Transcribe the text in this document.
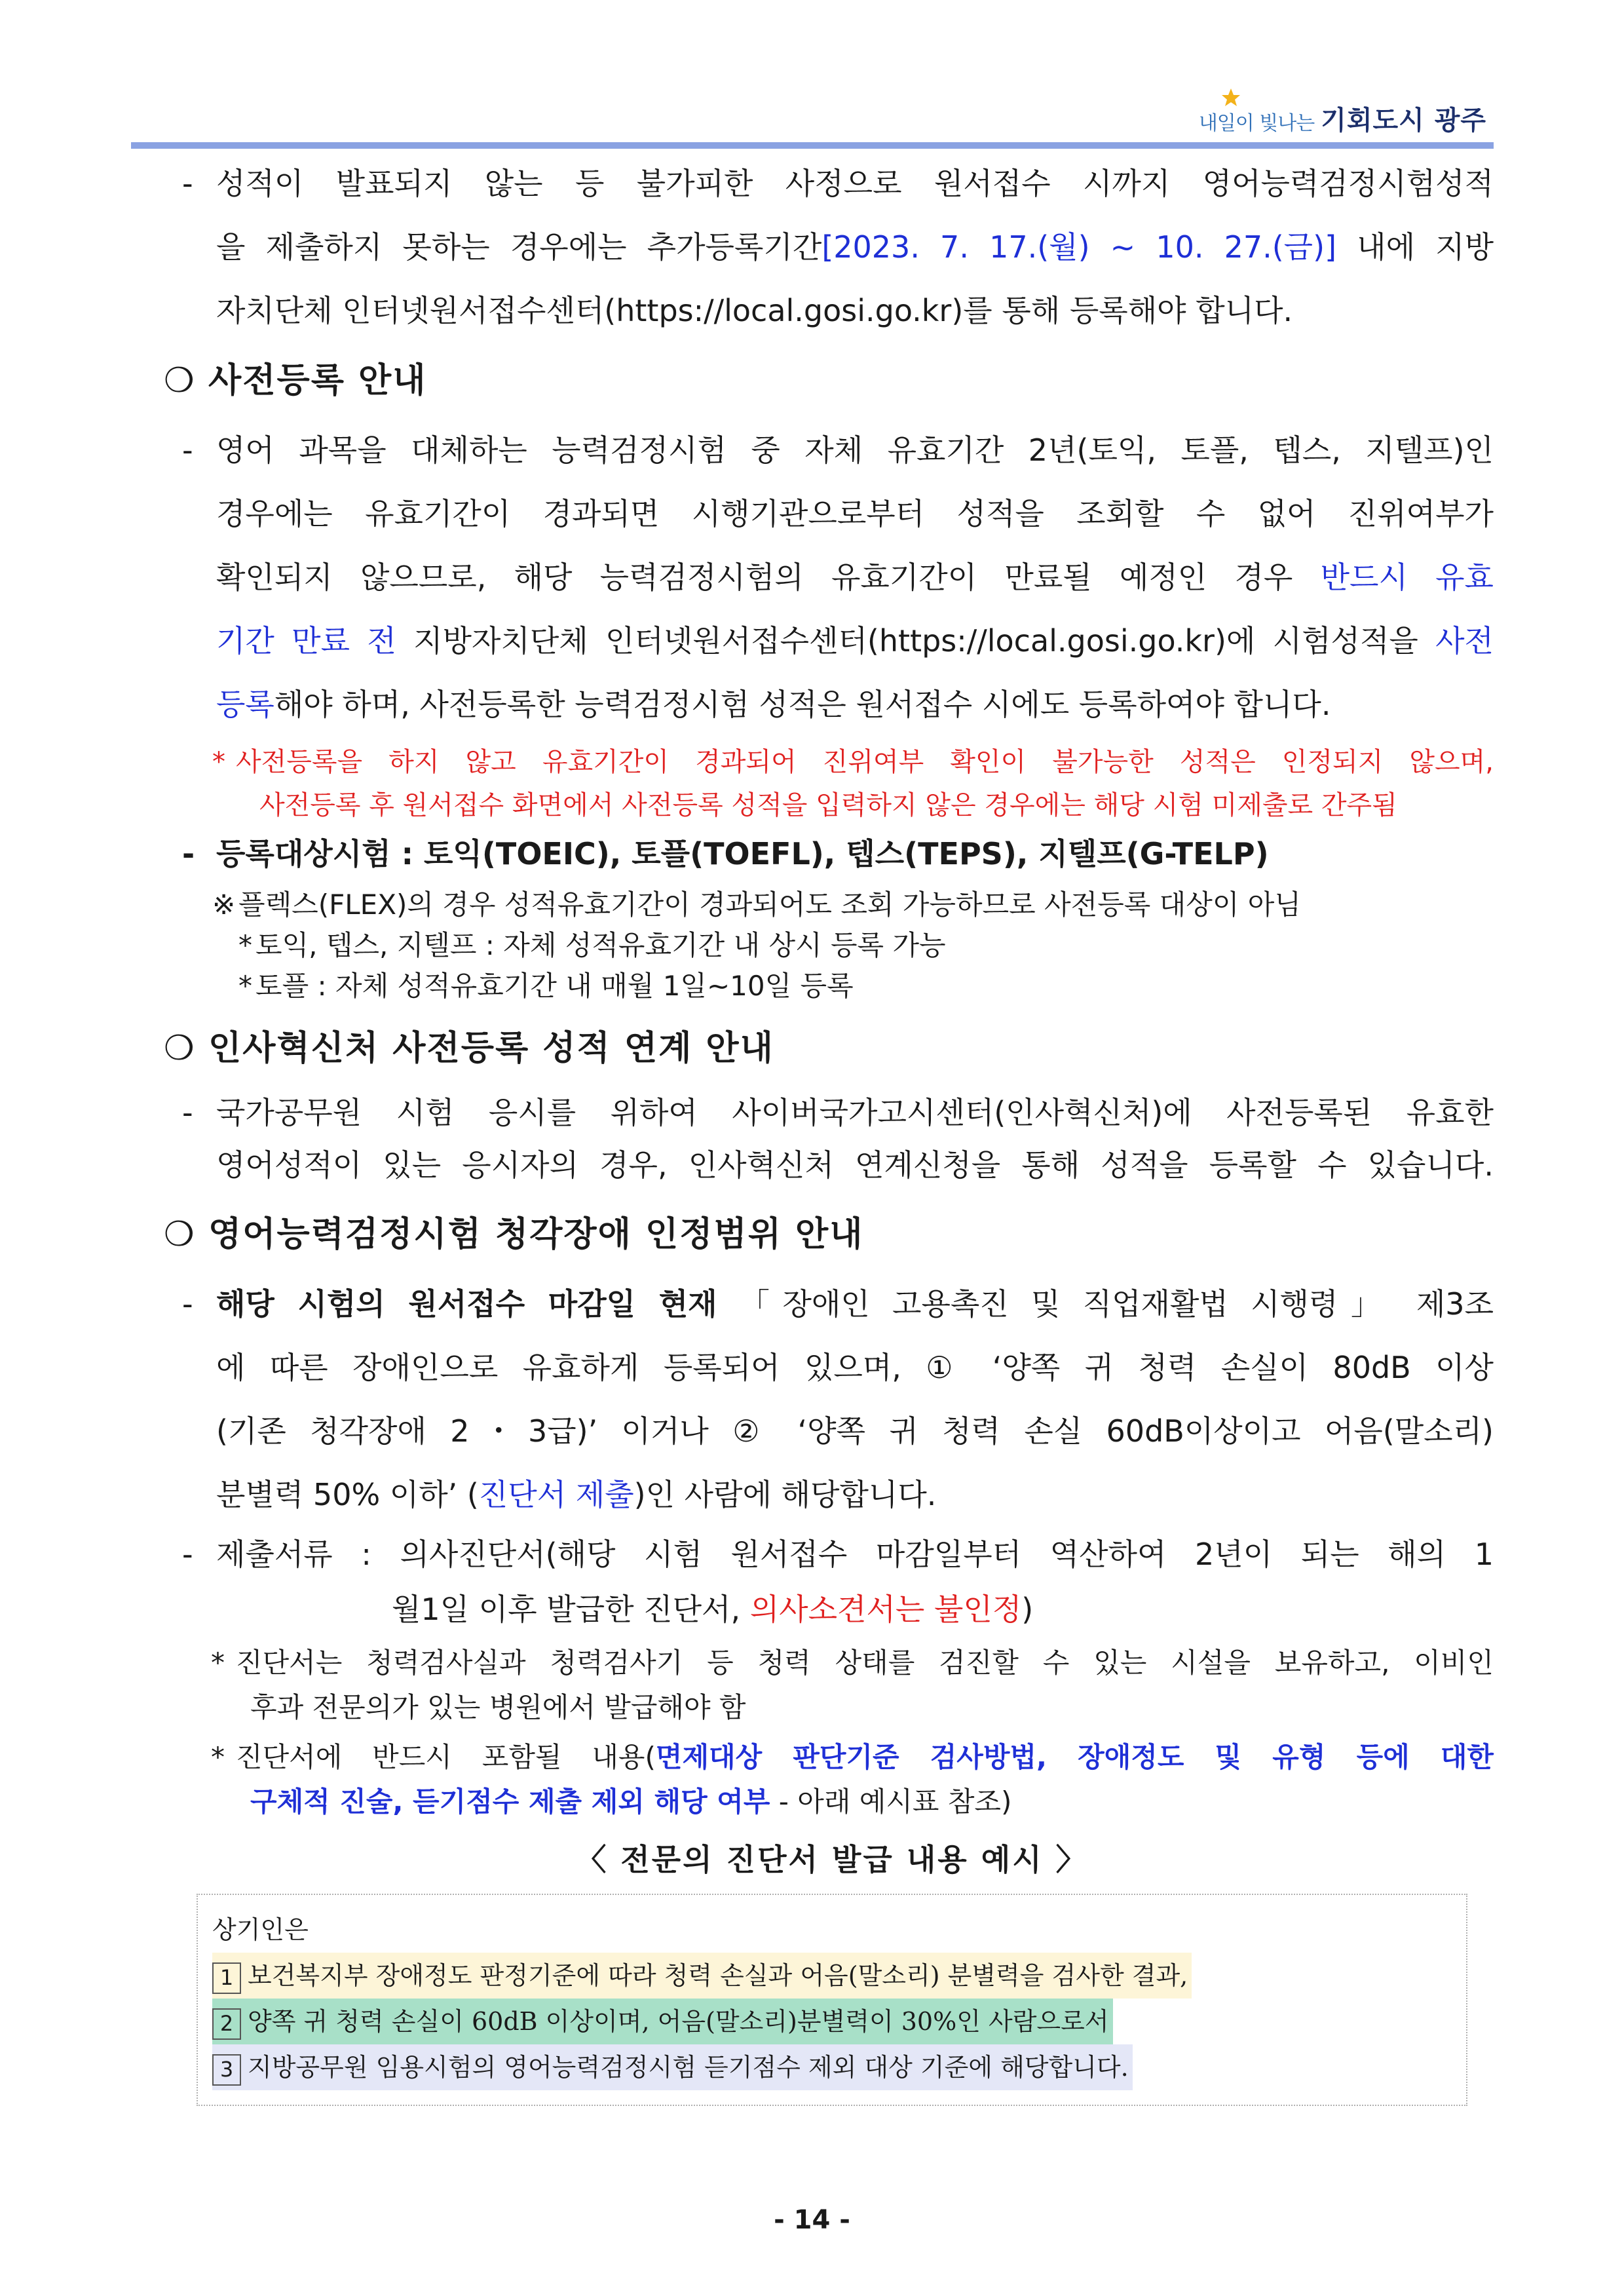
내일이 빛나는 기회도시 광주
- 성적이 발표되지 않는 등 불가피한 사정으로 원서접수 시까지 영어능력검정시험성적
을 제출하지 못하는 경우에는 추가등록기간[2023. 7. 17.(월) ~ 10. 27.(금)] 내에 지방
자치단체 인터넷원서접수센터(https://local.gosi.go.kr)를 통해 등록해야 합니다.
❍ 사전등록 안내
- 영어 과목을 대체하는 능력검정시험 중 자체 유효기간 2년(토익, 토플, 텝스, 지텔프)인
경우에는 유효기간이 경과되면 시행기관으로부터 성적을 조회할 수 없어 진위여부가
확인되지 않으므로, 해당 능력검정시험의 유효기간이 만료될 예정인 경우 반드시 유효
기간 만료 전 지방자치단체 인터넷원서접수센터(https://local.gosi.go.kr)에 시험성적을 사전
등록해야 하며, 사전등록한 능력검정시험 성적은 원서접수 시에도 등록하여야 합니다.
* 사전등록을 하지 않고 유효기간이 경과되어 진위여부 확인이 불가능한 성적은 인정되지 않으며,
사전등록 후 원서접수 화면에서 사전등록 성적을 입력하지 않은 경우에는 해당 시험 미제출로 간주됨
- 등록대상시험 : 토익(TOEIC), 토플(TOEFL), 텝스(TEPS), 지텔프(G-TELP)
※ 플렉스(FLEX)의 경우 성적유효기간이 경과되어도 조회 가능하므로 사전등록 대상이 아님
* 토익, 텝스, 지텔프 : 자체 성적유효기간 내 상시 등록 가능
* 토플 : 자체 성적유효기간 내 매월 1일~10일 등록
❍ 인사혁신처 사전등록 성적 연계 안내
- 국가공무원 시험 응시를 위하여 사이버국가고시센터(인사혁신처)에 사전등록된 유효한
영어성적이 있는 응시자의 경우, 인사혁신처 연계신청을 통해 성적을 등록할 수 있습니다.
❍ 영어능력검정시험 청각장애 인정범위 안내
- 해당 시험의 원서접수 마감일 현재 「장애인 고용촉진 및 직업재활법 시행령」 제3조
에 따른 장애인으로 유효하게 등록되어 있으며, ① ‘양쪽 귀 청력 손실이 80dB 이상
(기존 청각장애 2・3급)’ 이거나 ② ‘양쪽 귀 청력 손실 60dB이상이고 어음(말소리)
분별력 50% 이하’ (진단서 제출)인 사람에 해당합니다.
- 제출서류 : 의사진단서(해당 시험 원서접수 마감일부터 역산하여 2년이 되는 해의 1
월1일 이후 발급한 진단서, 의사소견서는 불인정)
* 진단서는 청력검사실과 청력검사기 등 청력 상태를 검진할 수 있는 시설을 보유하고, 이비인
후과 전문의가 있는 병원에서 발급해야 함
* 진단서에 반드시 포함될 내용(면제대상 판단기준 검사방법, 장애정도 및 유형 등에 대한
구체적 진술, 듣기점수 제출 제외 해당 여부 - 아래 예시표 참조)
〈 전문의 진단서 발급 내용 예시 〉
상기인은
1 보건복지부 장애정도 판정기준에 따라 청력 손실과 어음(말소리) 분별력을 검사한 결과,
2 양쪽 귀 청력 손실이 60dB 이상이며, 어음(말소리)분별력이 30%인 사람으로서
3 지방공무원 임용시험의 영어능력검정시험 듣기점수 제외 대상 기준에 해당합니다.
- 14 -
